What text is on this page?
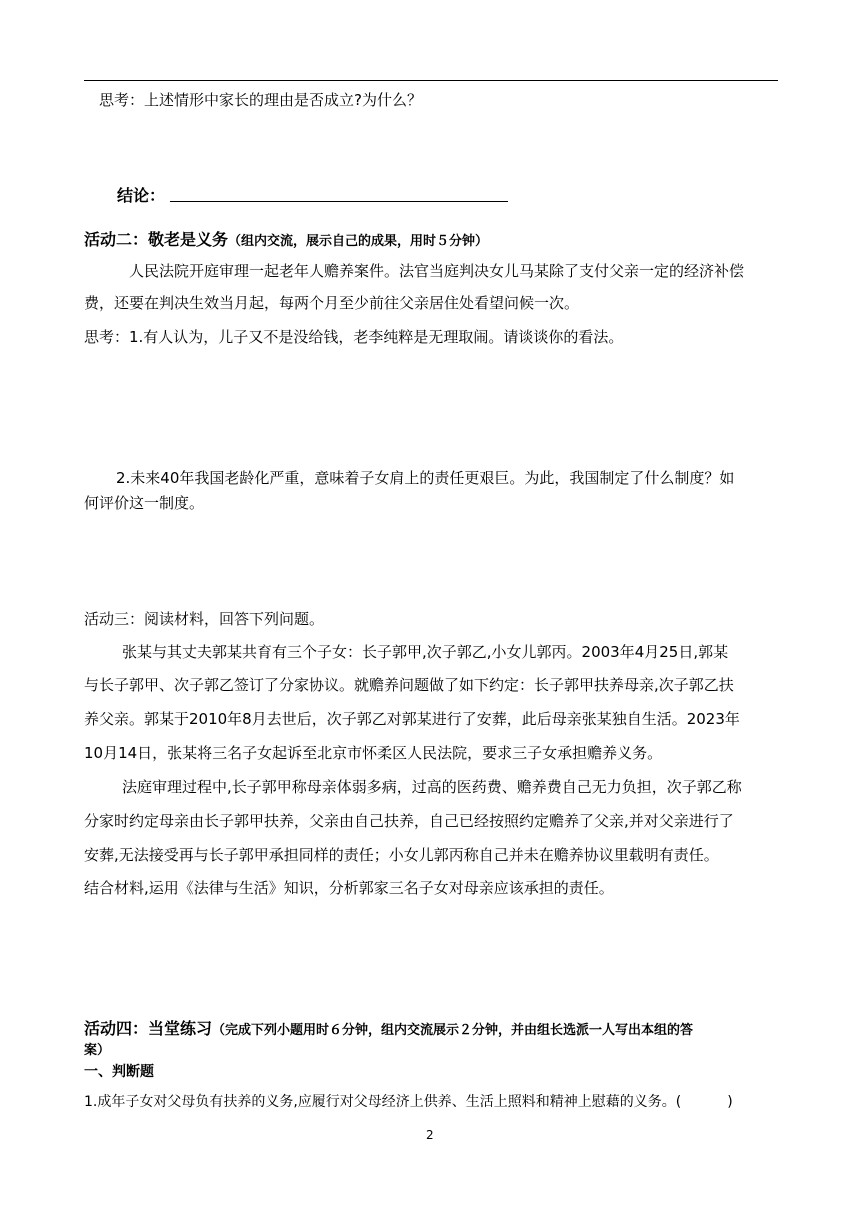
思考：上述情形中家长的理由是否成立?为什么？
结论：
活动二：敬老是义务（组内交流，展示自己的成果，用时５分钟）
人民法院开庭审理一起老年人赡养案件。法官当庭判决女儿马某除了支付父亲一定的经济补偿
费，还要在判决生效当月起，每两个月至少前往父亲居住处看望问候一次。
思考：1.有人认为，儿子又不是没给钱，老李纯粹是无理取闹。请谈谈你的看法。
2.未来40年我国老龄化严重，意味着子女肩上的责任更艰巨。为此，我国制定了什么制度？如
何评价这一制度。
活动三：阅读材料，回答下列问题。
张某与其丈夫郭某共育有三个子女：长子郭甲,次子郭乙,小女儿郭丙。2003年4月25日,郭某
与长子郭甲、次子郭乙签订了分家协议。就赡养问题做了如下约定：长子郭甲扶养母亲,次子郭乙扶
养父亲。郭某于2010年8月去世后，次子郭乙对郭某进行了安葬，此后母亲张某独自生活。2023年
10月14日，张某将三名子女起诉至北京市怀柔区人民法院，要求三子女承担赡养义务。
法庭审理过程中,长子郭甲称母亲体弱多病，过高的医药费、赡养费自己无力负担，次子郭乙称
分家时约定母亲由长子郭甲扶养，父亲由自己扶养，自己已经按照约定赡养了父亲,并对父亲进行了
安葬,无法接受再与长子郭甲承担同样的责任；小女儿郭丙称自己并未在赡养协议里载明有责任。
结合材料,运用《法律与生活》知识，分析郭家三名子女对母亲应该承担的责任。
活动四：当堂练习（完成下列小题用时６分钟，组内交流展示２分钟，并由组长选派一人写出本组的答
案）
一、判断题
1.成年子女对父母负有扶养的义务,应履行对父母经济上供养、生活上照料和精神上慰藉的义务。(	)
2
